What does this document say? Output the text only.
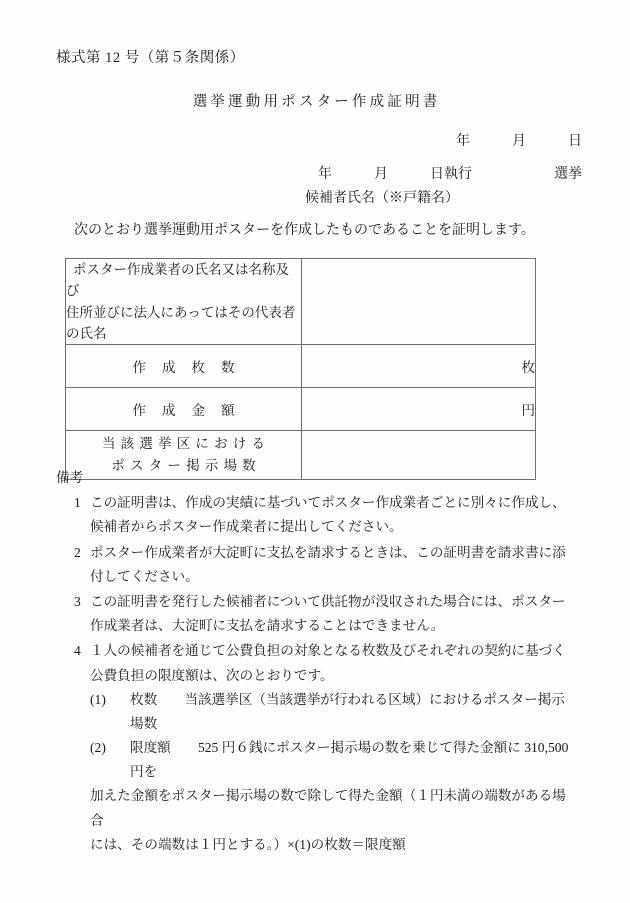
様式第 12 号（第５条関係）
選挙運動用ポスター作成証明書
年　　　月　　　日
年　　　月　　　日執行	選挙
候補者氏名（※戸籍名）
次のとおり選挙運動用ポスターを作成したものであることを証明します。
ポスター作成業者の氏名又は名称及び
住所並びに法人にあってはその代表者
の氏名	

作成枚数	枚
作成金額	円
当該選挙区における
ポスター掲示場数	
備考
1 この証明書は、作成の実績に基づいてポスター作成業者ごとに別々に作成し、

候補者からポスター作成業者に提出してください。

2 ポスター作成業者が大淀町に支払を請求するときは、この証明書を請求書に添

付してください。

3 この証明書を発行した候補者について供託物が没収された場合には、ポスター

作成業者は、大淀町に支払を請求することはできません。

4 １人の候補者を通じて公費負担の対象となる枚数及びそれぞれの契約に基づく

公費負担の限度額は、次のとおりです。

(1)	枚数　　当該選挙区（当該選挙が行われる区域）におけるポスター掲示場数

(2)	限度額　　525 円６銭にポスター掲示場の数を乗じて得た金額に 310,500 円を

加えた金額をポスター掲示場の数で除して得た金額（１円未満の端数がある場合

には、その端数は１円とする。）×(1)の枚数＝限度額
